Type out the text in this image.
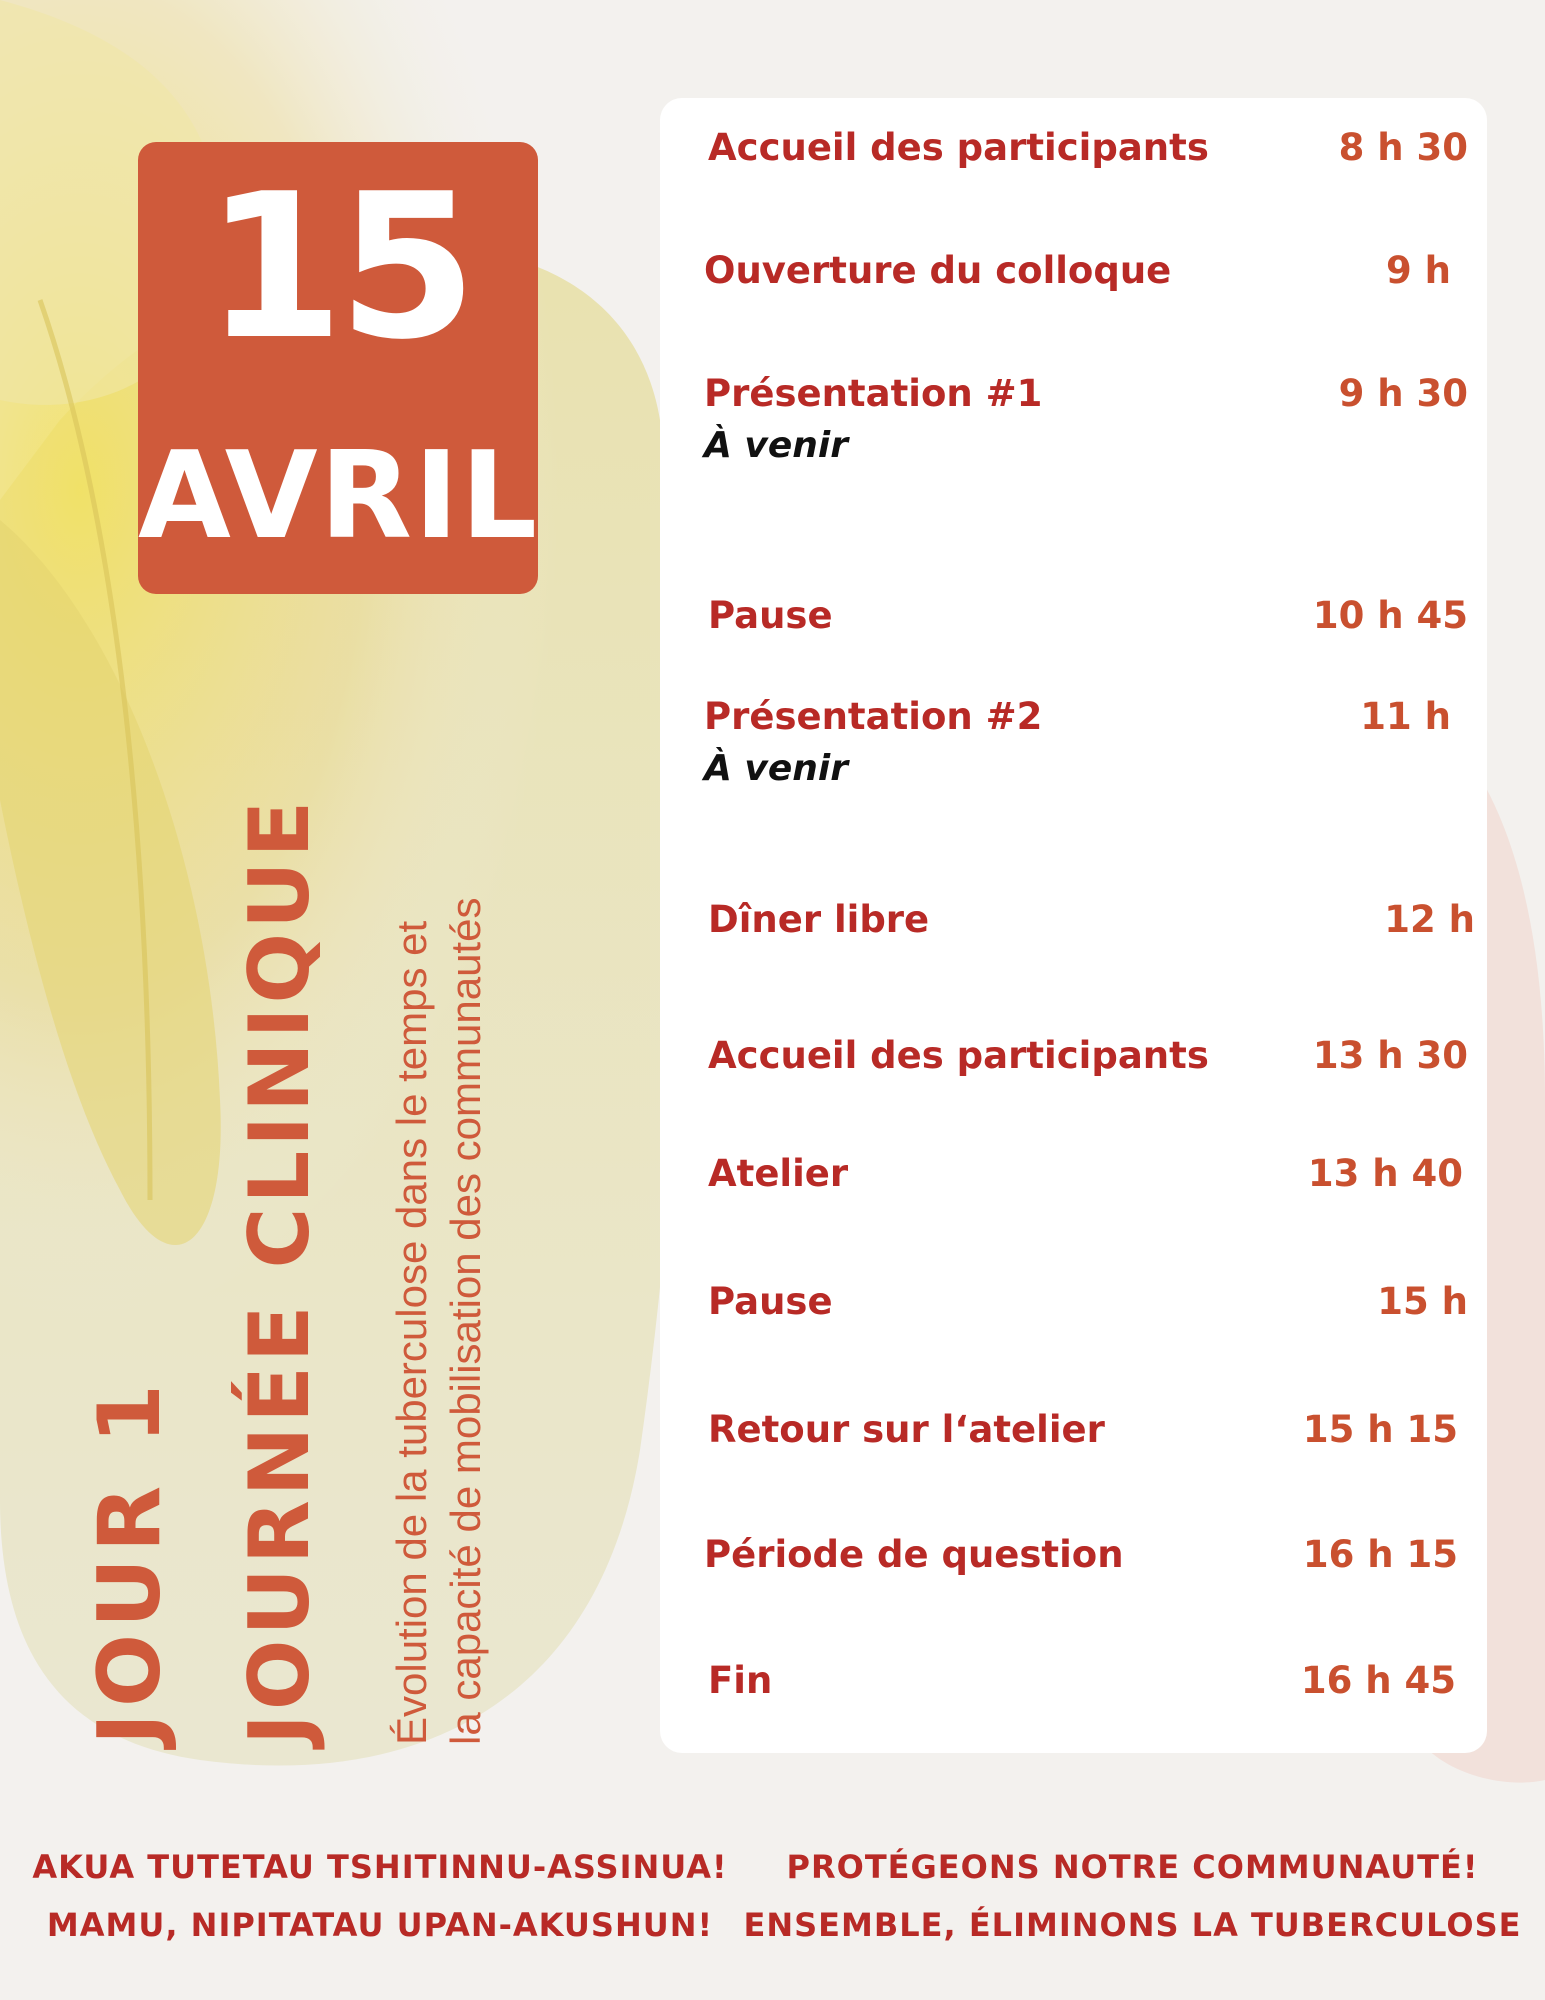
15
AVRIL
JOUR 1 JOURNÉE CLINIQUE Évolution de la tuberculose dans le temps et la capacité de mobilisation des communautés
Accueil des participants	8 h 30
Ouverture du colloque	9 h
Présentation #1	9 h 30
À venir
Pause	10 h 45
Présentation #2	11 h
À venir
Dîner libre	12 h
Accueil des participants	13 h 30
Atelier	13 h 40
Pause	15 h
Retour sur l‘atelier	15 h 15
Période de question	16 h 15
Fin	16 h 45
AKUA TUTETAU TSHITINNU-ASSINUA!
MAMU, NIPITATAU UPAN-AKUSHUN!
PROTÉGEONS NOTRE COMMUNAUTÉ!
ENSEMBLE, ÉLIMINONS LA TUBERCULOSE
